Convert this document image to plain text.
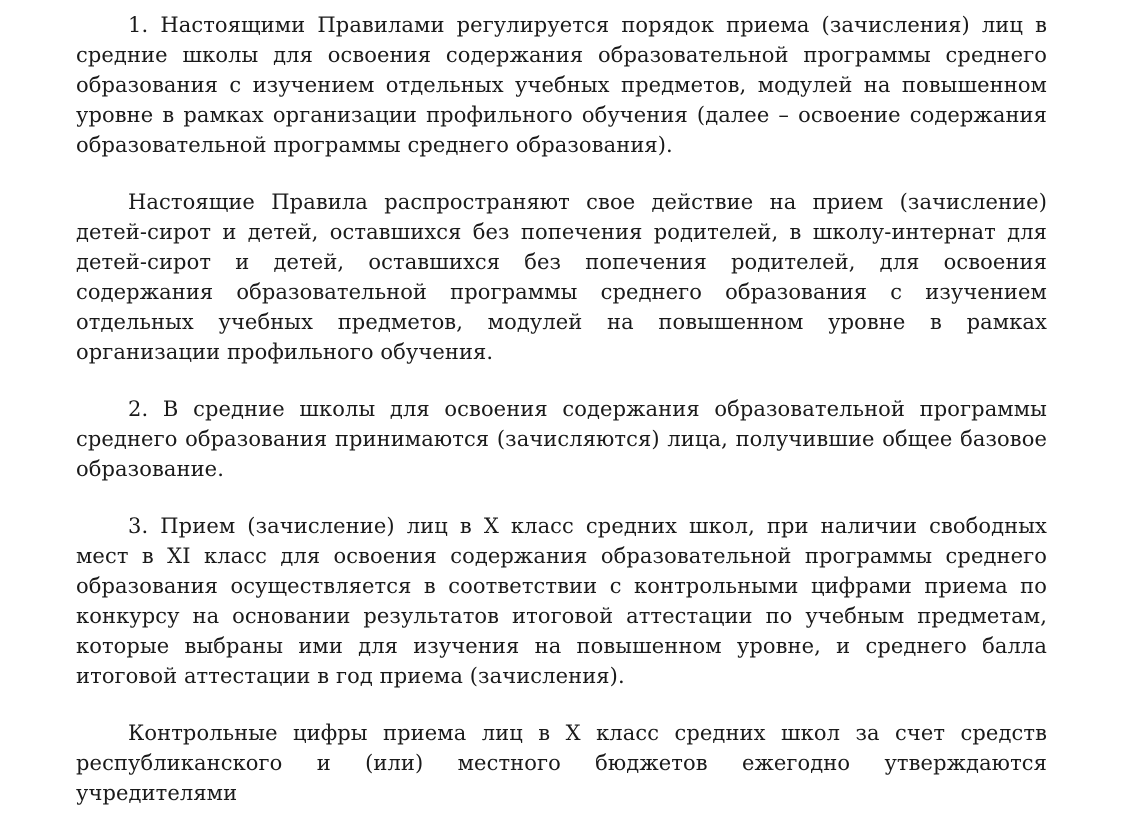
1. Настоящими Правилами регулируется порядок приема (зачисления) лиц в средние школы для освоения содержания образовательной программы среднего образования с изучением отдельных учебных предметов, модулей на повышенном уровне в рамках организации профильного обучения (далее – освоение содержания образовательной программы среднего образования).

Настоящие Правила распространяют свое действие на прием (зачисление) детей-сирот и детей, оставшихся без попечения родителей, в школу-интернат для детей-сирот и детей, оставшихся без попечения родителей, для освоения содержания образовательной программы среднего образования с изучением отдельных учебных предметов, модулей на повышенном уровне в рамках организации профильного обучения.

2. В средние школы для освоения содержания образовательной программы среднего образования принимаются (зачисляются) лица, получившие общее базовое образование.

3. Прием (зачисление) лиц в X класс средних школ, при наличии свободных мест в XI класс для освоения содержания образовательной программы среднего образования осуществляется в соответствии с контрольными цифрами приема по конкурсу на основании результатов итоговой аттестации по учебным предметам, которые выбраны ими для изучения на повышенном уровне, и среднего балла итоговой аттестации в год приема (зачисления).

Контрольные цифры приема лиц в X класс средних школ за счет средств республиканского и (или) местного бюджетов ежегодно утверждаются учредителями
